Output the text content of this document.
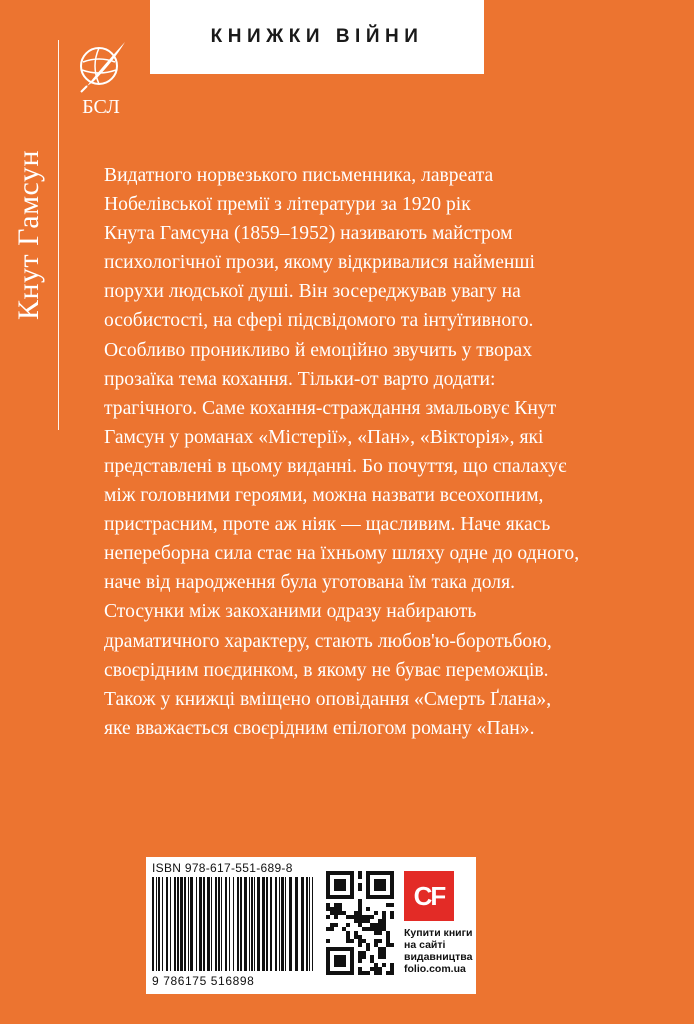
Кнут Гамсун
БСЛ
КНИЖКИ ВІЙНИ
Видатного норвезького письменника, лавреата
Нобелівської премії з літератури за 1920 рік
Кнута Гамсуна (1859–1952) називають майстром
психологічної прози, якому відкривалися найменші
порухи людської душі. Він зосереджував увагу на
особистості, на сфері підсвідомого та інтуїтивного.
Особливо проникливо й емоційно звучить у творах
прозаїка тема кохання. Тільки-от варто додати:
трагічного. Саме кохання-страждання змальовує Кнут
Гамсун у романах «Містерії», «Пан», «Вікторія», які
представлені в цьому виданні. Бо почуття, що спалахує
між головними героями, можна назвати всеохопним,
пристрасним, проте аж ніяк — щасливим. Наче якась
непереборна сила стає на їхньому шляху одне до одного,
наче від народження була уготована їм така доля.
Стосунки між закоханими одразу набирають
драматичного характеру, стають любов'ю-боротьбою,
своєрідним поєдинком, в якому не буває переможців.
Також у книжці вміщено оповідання «Смерть Ґлана»,
яке вважається своєрідним епілогом роману «Пан».
ISBN 978-617-551-689-8
9 786175 516898
CF
Купити книги
на сайті
видавництва
folio.com.ua
